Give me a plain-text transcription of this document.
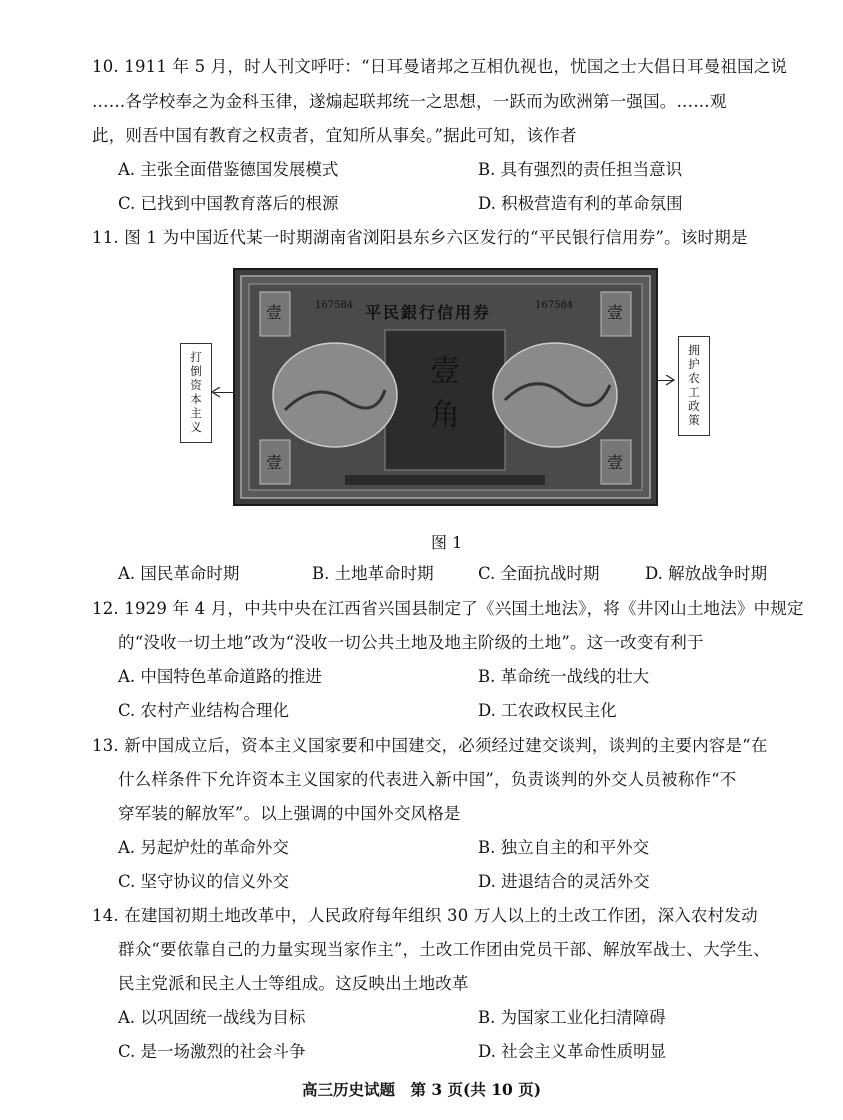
10. 1911 年 5 月，时人刊文呼吁：“日耳曼诸邦之互相仇视也，忧国之士大倡日耳曼祖国之说
……各学校奉之为金科玉律，遂煽起联邦统一之思想，一跃而为欧洲第一强国。……观
此，则吾中国有教育之权责者，宜知所从事矣。”据此可知，该作者
A. 主张全面借鉴德国发展模式	B. 具有强烈的责任担当意识
C. 已找到中国教育落后的根源	D. 积极营造有利的革命氛围
11. 图 1 为中国近代某一时期湖南省浏阳县东乡六区发行的“平民银行信用券”。该时期是
打倒资本主义
拥护农工政策
平民銀行信用券
167584	167584
壹角
壹	壹
壹	壹
图 1
A. 国民革命时期	B. 土地革命时期	C. 全面抗战时期	D. 解放战争时期
12. 1929 年 4 月，中共中央在江西省兴国县制定了《兴国土地法》，将《井冈山土地法》中规定
的“没收一切土地”改为“没收一切公共土地及地主阶级的土地”。这一改变有利于
A. 中国特色革命道路的推进	B. 革命统一战线的壮大
C. 农村产业结构合理化	D. 工农政权民主化
13. 新中国成立后，资本主义国家要和中国建交，必须经过建交谈判，谈判的主要内容是“在
什么样条件下允许资本主义国家的代表进入新中国”，负责谈判的外交人员被称作“不
穿军装的解放军”。以上强调的中国外交风格是
A. 另起炉灶的革命外交	B. 独立自主的和平外交
C. 坚守协议的信义外交	D. 进退结合的灵活外交
14. 在建国初期土地改革中，人民政府每年组织 30 万人以上的土改工作团，深入农村发动
群众“要依靠自己的力量实现当家作主”，土改工作团由党员干部、解放军战士、大学生、
民主党派和民主人士等组成。这反映出土地改革
A. 以巩固统一战线为目标	B. 为国家工业化扫清障碍
C. 是一场激烈的社会斗争	D. 社会主义革命性质明显
高三历史试题　第 3 页(共 10 页)
